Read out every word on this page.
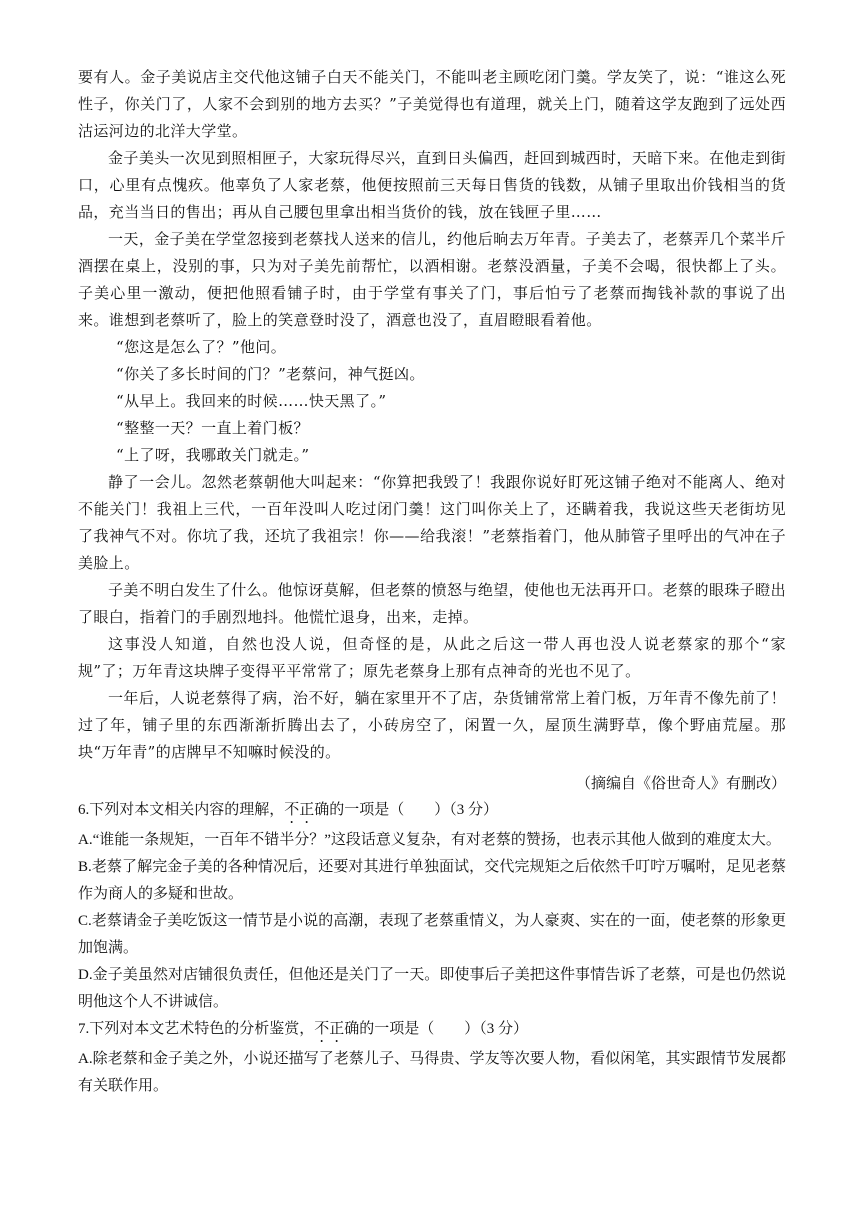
要有人。金子美说店主交代他这铺子白天不能关门，不能叫老主顾吃闭门羹。学友笑了，说：“谁这么死性子，你关门了，人家不会到别的地方去买？”子美觉得也有道理，就关上门，随着这学友跑到了远处西沽运河边的北洋大学堂。

金子美头一次见到照相匣子，大家玩得尽兴，直到日头偏西，赶回到城西时，天暗下来。在他走到街口，心里有点愧疚。他辜负了人家老蔡，他便按照前三天每日售货的钱数，从铺子里取出价钱相当的货品，充当当日的售出；再从自己腰包里拿出相当货价的钱，放在钱匣子里……

一天，金子美在学堂忽接到老蔡找人送来的信儿，约他后晌去万年青。子美去了，老蔡弄几个菜半斤酒摆在桌上，没别的事，只为对子美先前帮忙，以酒相谢。老蔡没酒量，子美不会喝，很快都上了头。子美心里一激动，便把他照看铺子时，由于学堂有事关了门，事后怕亏了老蔡而掏钱补款的事说了出来。谁想到老蔡听了，脸上的笑意登时没了，酒意也没了，直眉瞪眼看着他。

“您这是怎么了？”他问。

“你关了多长时间的门？”老蔡问，神气挺凶。

“从早上。我回来的时候……快天黑了。”

“整整一天？一直上着门板？

“上了呀，我哪敢关门就走。”

静了一会儿。忽然老蔡朝他大叫起来：“你算把我毁了！我跟你说好盯死这铺子绝对不能离人、绝对不能关门！我祖上三代，一百年没叫人吃过闭门羹！这门叫你关上了，还瞒着我，我说这些天老街坊见了我神气不对。你坑了我，还坑了我祖宗！你——给我滚！”老蔡指着门，他从肺管子里呼出的气冲在子美脸上。

子美不明白发生了什么。他惊讶莫解，但老蔡的愤怒与绝望，使他也无法再开口。老蔡的眼珠子瞪出了眼白，指着门的手剧烈地抖。他慌忙退身，出来，走掉。

这事没人知道，自然也没人说，但奇怪的是，从此之后这一带人再也没人说老蔡家的那个“家规”了；万年青这块牌子变得平平常常了；原先老蔡身上那有点神奇的光也不见了。

一年后，人说老蔡得了病，治不好，躺在家里开不了店，杂货铺常常上着门板，万年青不像先前了！过了年，铺子里的东西渐渐折腾出去了，小砖房空了，闲置一久，屋顶生满野草，像个野庙荒屋。那块“万年青”的店牌早不知嘛时候没的。

（摘编自《俗世奇人》有删改）

6.下列对本文相关内容的理解，不正确的一项是（　　）（3 分）

A.“谁能一条规矩，一百年不错半分？”这段话意义复杂，有对老蔡的赞扬，也表示其他人做到的难度太大。

B.老蔡了解完金子美的各种情况后，还要对其进行单独面试，交代完规矩之后依然千叮咛万嘱咐，足见老蔡作为商人的多疑和世故。

C.老蔡请金子美吃饭这一情节是小说的高潮，表现了老蔡重情义，为人豪爽、实在的一面，使老蔡的形象更加饱满。

D.金子美虽然对店铺很负责任，但他还是关门了一天。即使事后子美把这件事情告诉了老蔡，可是也仍然说明他这个人不讲诚信。

7.下列对本文艺术特色的分析鉴赏，不正确的一项是（　　）（3 分）

A.除老蔡和金子美之外，小说还描写了老蔡儿子、马得贵、学友等次要人物，看似闲笔，其实跟情节发展都有关联作用。
